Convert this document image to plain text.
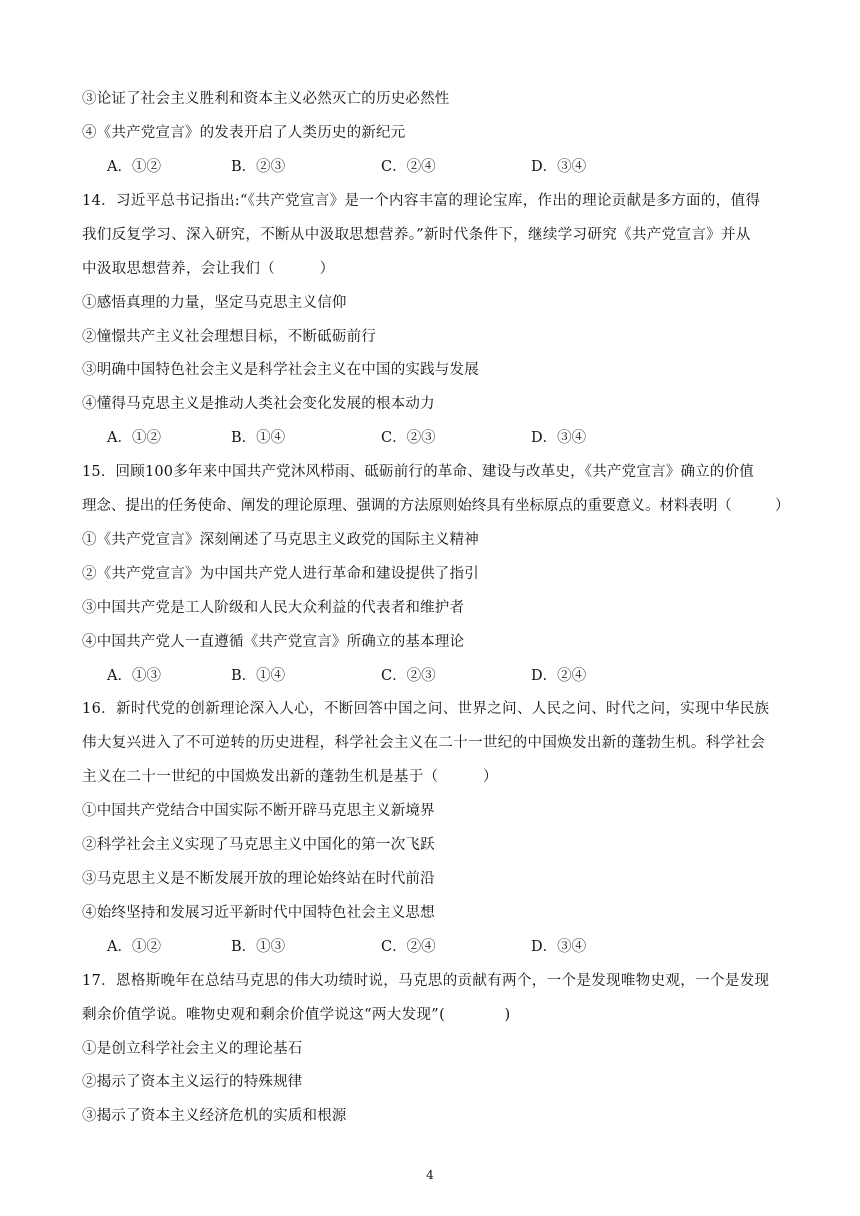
③论证了社会主义胜利和资本主义必然灭亡的历史必然性
④《共产党宣言》的发表开启了人类历史的新纪元
A．①②	B．②③	C．②④	D．③④
14．习近平总书记指出:“《共产党宣言》是一个内容丰富的理论宝库，作出的理论贡献是多方面的，值得
我们反复学习、深入研究，不断从中汲取思想营养。”新时代条件下，继续学习研究《共产党宣言》并从
中汲取思想营养，会让我们（　　　）
①感悟真理的力量，坚定马克思主义信仰
②憧憬共产主义社会理想目标，不断砥砺前行
③明确中国特色社会主义是科学社会主义在中国的实践与发展
④懂得马克思主义是推动人类社会变化发展的根本动力
A．①②	B．①④	C．②③	D．③④
15．回顾100多年来中国共产党沐风栉雨、砥砺前行的革命、建设与改革史，《共产党宣言》确立的价值
理念、提出的任务使命、阐发的理论原理、强调的方法原则始终具有坐标原点的重要意义。材料表明（　　　）
①《共产党宣言》深刻阐述了马克思主义政党的国际主义精神
②《共产党宣言》为中国共产党人进行革命和建设提供了指引
③中国共产党是工人阶级和人民大众利益的代表者和维护者
④中国共产党人一直遵循《共产党宣言》所确立的基本理论
A．①③	B．①④	C．②③	D．②④
16．新时代党的创新理论深入人心，不断回答中国之问、世界之问、人民之问、时代之问，实现中华民族
伟大复兴进入了不可逆转的历史进程，科学社会主义在二十一世纪的中国焕发出新的蓬勃生机。科学社会
主义在二十一世纪的中国焕发出新的蓬勃生机是基于（　　　）
①中国共产党结合中国实际不断开辟马克思主义新境界
②科学社会主义实现了马克思主义中国化的第一次飞跃
③马克思主义是不断发展开放的理论始终站在时代前沿
④始终坚持和发展习近平新时代中国特色社会主义思想
A．①②	B．①③	C．②④	D．③④
17．恩格斯晚年在总结马克思的伟大功绩时说，马克思的贡献有两个，一个是发现唯物史观，一个是发现
剩余价值学说。唯物史观和剩余价值学说这“两大发现”(　　　　)
①是创立科学社会主义的理论基石
②揭示了资本主义运行的特殊规律
③揭示了资本主义经济危机的实质和根源
4
